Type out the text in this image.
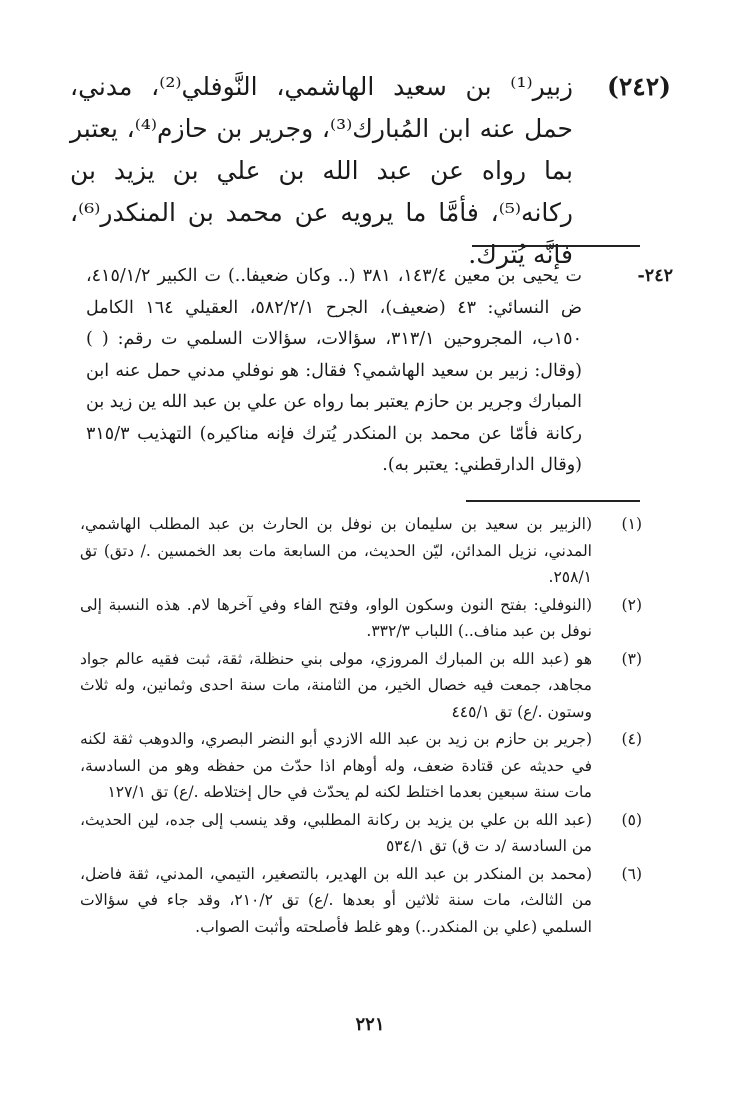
(٢٤٢)
زبير⁽¹⁾ بن سعيد الهاشمي، النَّوفلي⁽²⁾، مدني، حمل عنه ابن المُبارك⁽³⁾، وجرير بن حازم⁽⁴⁾، يعتبر بما رواه عن عبد الله بن علي بن يزيد بن ركانه⁽⁵⁾، فأمَّا ما يرويه عن محمد بن المنكدر⁽⁶⁾، فإنَّه يُترك.
٢٤٢-
ت يحيى بن معين ١٤٣/٤، ٣٨١ (.. وكان ضعيفا..) ت الكبير ٤١٥/١/٢، ض النسائي: ٤٣ (ضعيف)، الجرح ٥٨٢/٢/١، العقيلي ١٦٤ الكامل ١٥٠ب، المجروحين ٣١٣/١، سؤالات، سؤالات السلمي ت رقم: ( ) (وقال: زبير بن سعيد الهاشمي؟ فقال: هو نوفلي مدني حمل عنه ابن المبارك وجرير بن حازم يعتبر بما رواه عن علي بن عبد الله ين زيد بن ركانة فأمّا عن محمد بن المنكدر يُترك فإنه مناكيره) التهذيب ٣١٥/٣ (وقال الدارقطني: يعتبر به).
(١)
(الزبير بن سعيد بن سليمان بن نوفل بن الحارث بن عبد المطلب الهاشمي، المدني، نزيل المدائن، ليّن الحديث، من السابعة مات بعد الخمسين ./ دتق) تق ٢٥٨/١.
(٢)
(النوفلي: بفتح النون وسكون الواو، وفتح الفاء وفي آخرها لام. هذه النسبة إلى نوفل بن عبد مناف..) اللباب ٣٣٢/٣.
(٣)
هو (عبد الله بن المبارك المروزي، مولى بني حنظلة، ثقة، ثبت فقيه عالم جواد مجاهد، جمعت فيه خصال الخير، من الثامنة، مات سنة احدى وثمانين، وله ثلاث وستون ./ع) تق ٤٤٥/١
(٤)
(جرير بن حازم بن زيد بن عبد الله الازدي أبو النضر البصري، والدوهب ثقة لكنه في حديثه عن قتادة ضعف، وله أوهام اذا حدّث من حفظه وهو من السادسة، مات سنة سبعين بعدما اختلط لكنه لم يحدّث في حال إختلاطه ./ع) تق ١٢٧/١
(٥)
(عبد الله بن علي بن يزيد بن ركانة المطلبي، وقد ينسب إلى جده، لين الحديث، من السادسة /د ت ق) تق ٥٣٤/١
(٦)
(محمد بن المنكدر بن عبد الله بن الهدير، بالتصغير، التيمي، المدني، ثقة فاضل، من الثالث، مات سنة ثلاثين أو بعدها ./ع) تق ٢١٠/٢، وقد جاء في سؤالات السلمي (علي بن المنكدر..) وهو غلط فأصلحته وأثبت الصواب.
٢٢١
